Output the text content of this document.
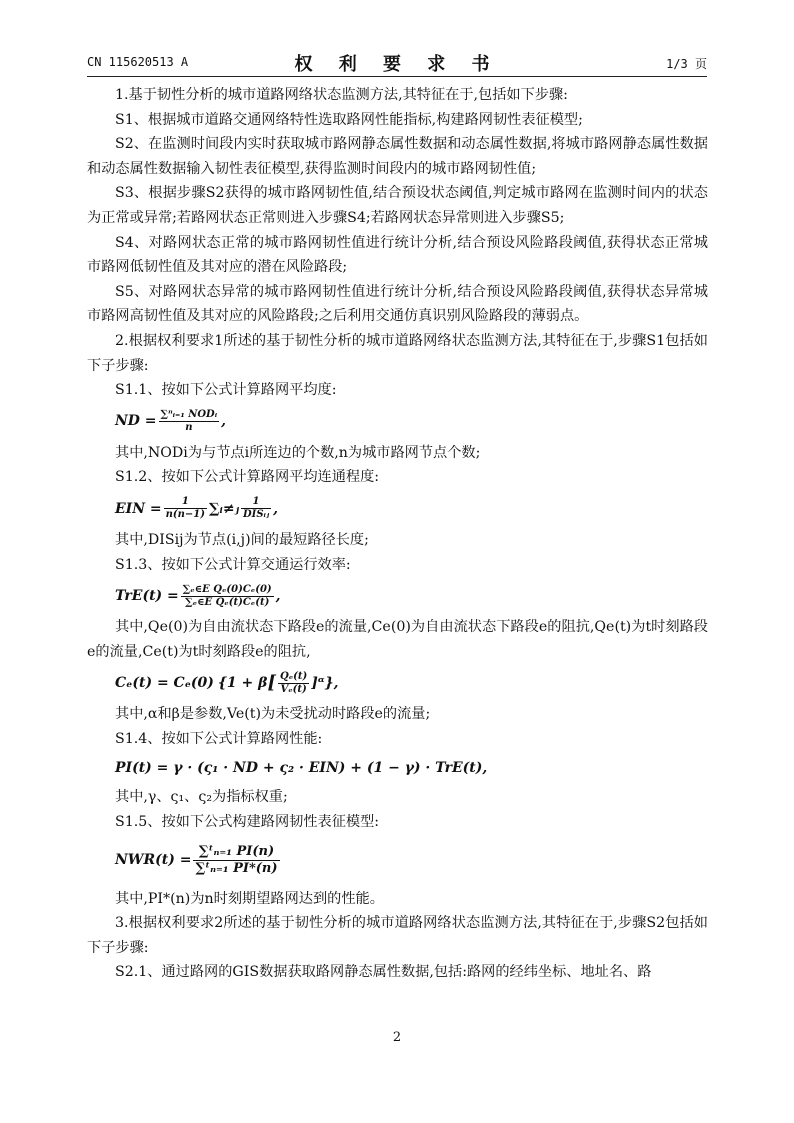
CN 115620513 A	权 利 要 求 书	1/3 页

1.基于韧性分析的城市道路网络状态监测方法,其特征在于,包括如下步骤:

S1、根据城市道路交通网络特性选取路网性能指标,构建路网韧性表征模型;

S2、在监测时间段内实时获取城市路网静态属性数据和动态属性数据,将城市路网静态属性数据和动态属性数据输入韧性表征模型,获得监测时间段内的城市路网韧性值;

S3、根据步骤S2获得的城市路网韧性值,结合预设状态阈值,判定城市路网在监测时间内的状态为正常或异常;若路网状态正常则进入步骤S4;若路网状态异常则进入步骤S5;

S4、对路网状态正常的城市路网韧性值进行统计分析,结合预设风险路段阈值,获得状态正常城市路网低韧性值及其对应的潜在风险路段;

S5、对路网状态异常的城市路网韧性值进行统计分析,结合预设风险路段阈值,获得状态异常城市路网高韧性值及其对应的风险路段;之后利用交通仿真识别风险路段的薄弱点。

2.根据权利要求1所述的基于韧性分析的城市道路网络状态监测方法,其特征在于,步骤S1包括如下子步骤:

S1.1、按如下公式计算路网平均度:

ND = $\frac{\text{∑ⁿᵢ₌₁ NODᵢ}}{n}$ ,

其中,NODi为与节点i所连边的个数,n为城市路网节点个数;

S1.2、按如下公式计算路网平均连通程度:

EIN = $\frac{1}{n(n-1)}$ ∑ᵢ≠ⱼ $\frac{1}{\text{DISᵢⱼ}}$ ,

其中,DISij为节点(i,j)间的最短路径长度;

S1.3、按如下公式计算交通运行效率:

$TrE(t) = \frac{\text{∑ₑ∈E Qₑ(0)Cₑ(0)}}{\text{∑ₑ∈E Qₑ(t)Cₑ(t)}}$ ,

其中,Qe(0)为自由流状态下路段e的流量,Ce(0)为自由流状态下路段e的阻抗,Qe(t)为t时刻路段e的流量,Ce(t)为t时刻路段e的阻抗,

Cₑ(t) = Cₑ(0) {1 + β [ $\frac{\text{Qₑ(t)}}{\text{Vₑ(t)}}$ ]ᵅ},

其中,α和β是参数,Ve(t)为未受扰动时路段e的流量;

S1.4、按如下公式计算路网性能:

PI(t) = γ · (ς₁ · ND + ς₂ · EIN) + (1 − γ) · TrE(t),

其中,γ、ς₁、ς₂为指标权重;

S1.5、按如下公式构建路网韧性表征模型:

$NWR(t) = \frac{\text{∑ᵗₙ₌₁ PI(n)}}{\text{∑ᵗₙ₌₁ PI*(n)}}$

其中,PI*(n)为n时刻期望路网达到的性能。

3.根据权利要求2所述的基于韧性分析的城市道路网络状态监测方法,其特征在于,步骤S2包括如下子步骤:

S2.1、通过路网的GIS数据获取路网静态属性数据,包括:路网的经纬坐标、地址名、路

2
